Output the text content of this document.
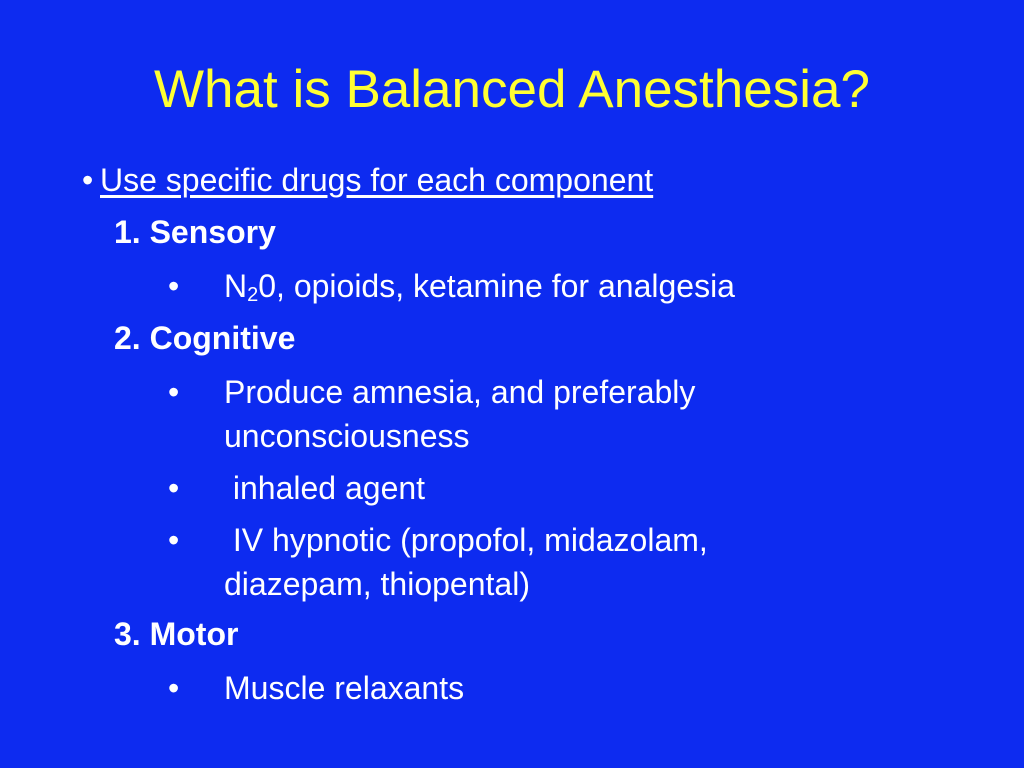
What is Balanced Anesthesia?
• Use specific drugs for each component
1. Sensory
• $N_20$, opioids, ketamine for analgesia
2. Cognitive
• Produce amnesia, and preferably
unconsciousness
• inhaled agent
• IV hypnotic (propofol, midazolam,
diazepam, thiopental)
3. Motor
• Muscle relaxants
